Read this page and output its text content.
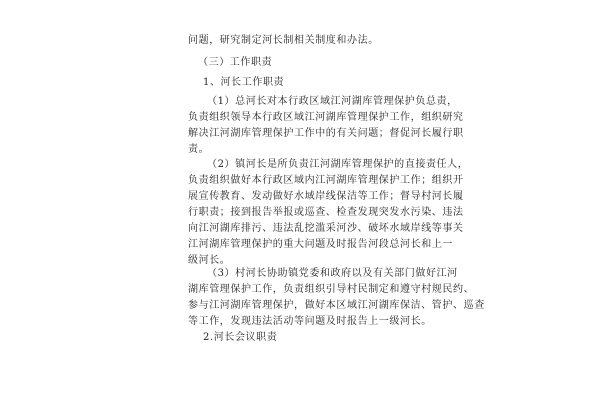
问题，研究制定河长制相关制度和办法。
（三）工作职责
1、河长工作职责
（1）总河长对本行政区域江河湖库管理保护负总责，
负责组织领导本行政区域江河湖库管理保护工作，组织研究
解决江河湖库管理保护工作中的有关问题；督促河长履行职
责。
（2）镇河长是所负责江河湖库管理保护的直接责任人，
负责组织做好本行政区域内江河湖库管理保护工作；组织开
展宣传教育、发动做好水域岸线保洁等工作；督导村河长履
行职责；接到报告举报或巡查、检查发现突发水污染、违法
向江河湖库排污、违法乱挖滥采河沙、破坏水域岸线等事关
江河湖库管理保护的重大问题及时报告河段总河长和上一
级河长。
（3）村河长协助镇党委和政府以及有关部门做好江河
湖库管理保护工作，负责组织引导村民制定和遵守村规民约、
参与江河湖库管理保护，做好本区域江河湖库保洁、管护、巡查
等工作，发现违法活动等问题及时报告上一级河长。
2.河长会议职责
